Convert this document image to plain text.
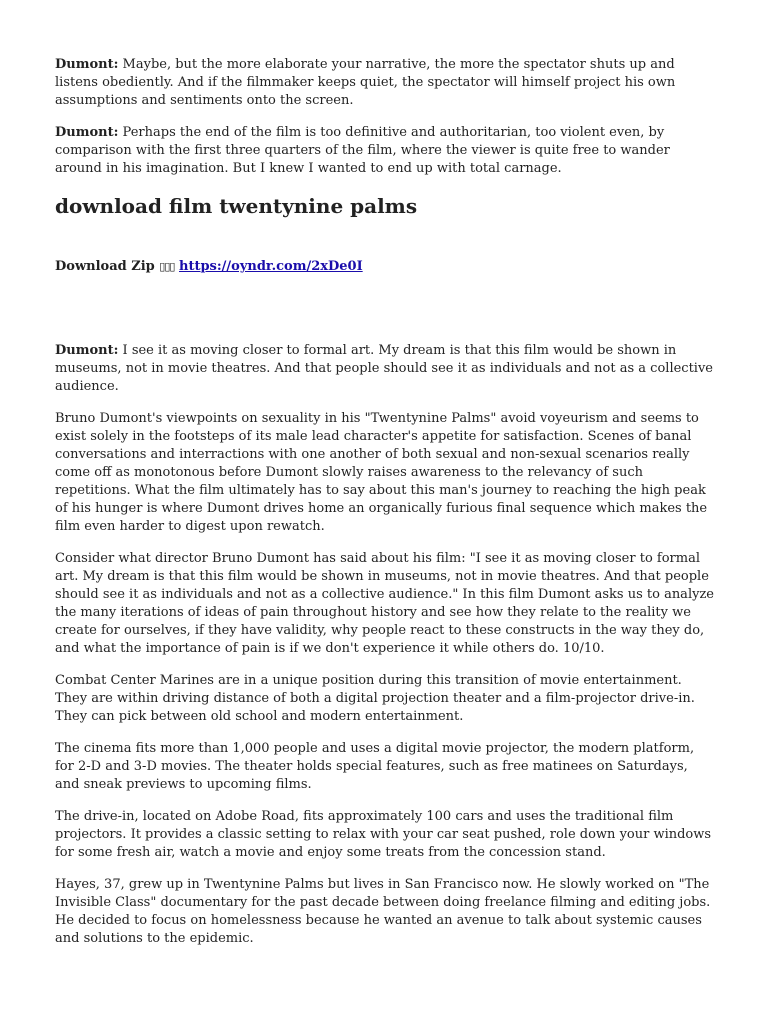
Dumont: Maybe, but the more elaborate your narrative, the more the spectator shuts up and listens obediently. And if the filmmaker keeps quiet, the spectator will himself project his own assumptions and sentiments onto the screen.

Dumont: Perhaps the end of the film is too definitive and authoritarian, too violent even, by comparison with the first three quarters of the film, where the viewer is quite free to wander around in his imagination. But I knew I wanted to end up with total carnage.

download film twentynine palms
Download Zip ▯▯▯ https://oyndr.com/2xDe0I

Dumont: I see it as moving closer to formal art. My dream is that this film would be shown in museums, not in movie theatres. And that people should see it as individuals and not as a collective audience.

Bruno Dumont's viewpoints on sexuality in his "Twentynine Palms" avoid voyeurism and seems to exist solely in the footsteps of its male lead character's appetite for satisfaction. Scenes of banal conversations and interractions with one another of both sexual and non-sexual scenarios really come off as monotonous before Dumont slowly raises awareness to the relevancy of such repetitions. What the film ultimately has to say about this man's journey to reaching the high peak of his hunger is where Dumont drives home an organically furious final sequence which makes the film even harder to digest upon rewatch.

Consider what director Bruno Dumont has said about his film: "I see it as moving closer to formal art. My dream is that this film would be shown in museums, not in movie theatres. And that people should see it as individuals and not as a collective audience." In this film Dumont asks us to analyze the many iterations of ideas of pain throughout history and see how they relate to the reality we create for ourselves, if they have validity, why people react to these constructs in the way they do, and what the importance of pain is if we don't experience it while others do. 10/10.

Combat Center Marines are in a unique position during this transition of movie entertainment. They are within driving distance of both a digital projection theater and a film-projector drive-in. They can pick between old school and modern entertainment.

The cinema fits more than 1,000 people and uses a digital movie projector, the modern platform, for 2-D and 3-D movies. The theater holds special features, such as free matinees on Saturdays, and sneak previews to upcoming films.

The drive-in, located on Adobe Road, fits approximately 100 cars and uses the traditional film projectors. It provides a classic setting to relax with your car seat pushed, role down your windows for some fresh air, watch a movie and enjoy some treats from the concession stand.

Hayes, 37, grew up in Twentynine Palms but lives in San Francisco now. He slowly worked on "The Invisible Class" documentary for the past decade between doing freelance filming and editing jobs. He decided to focus on homelessness because he wanted an avenue to talk about systemic causes and solutions to the epidemic.
